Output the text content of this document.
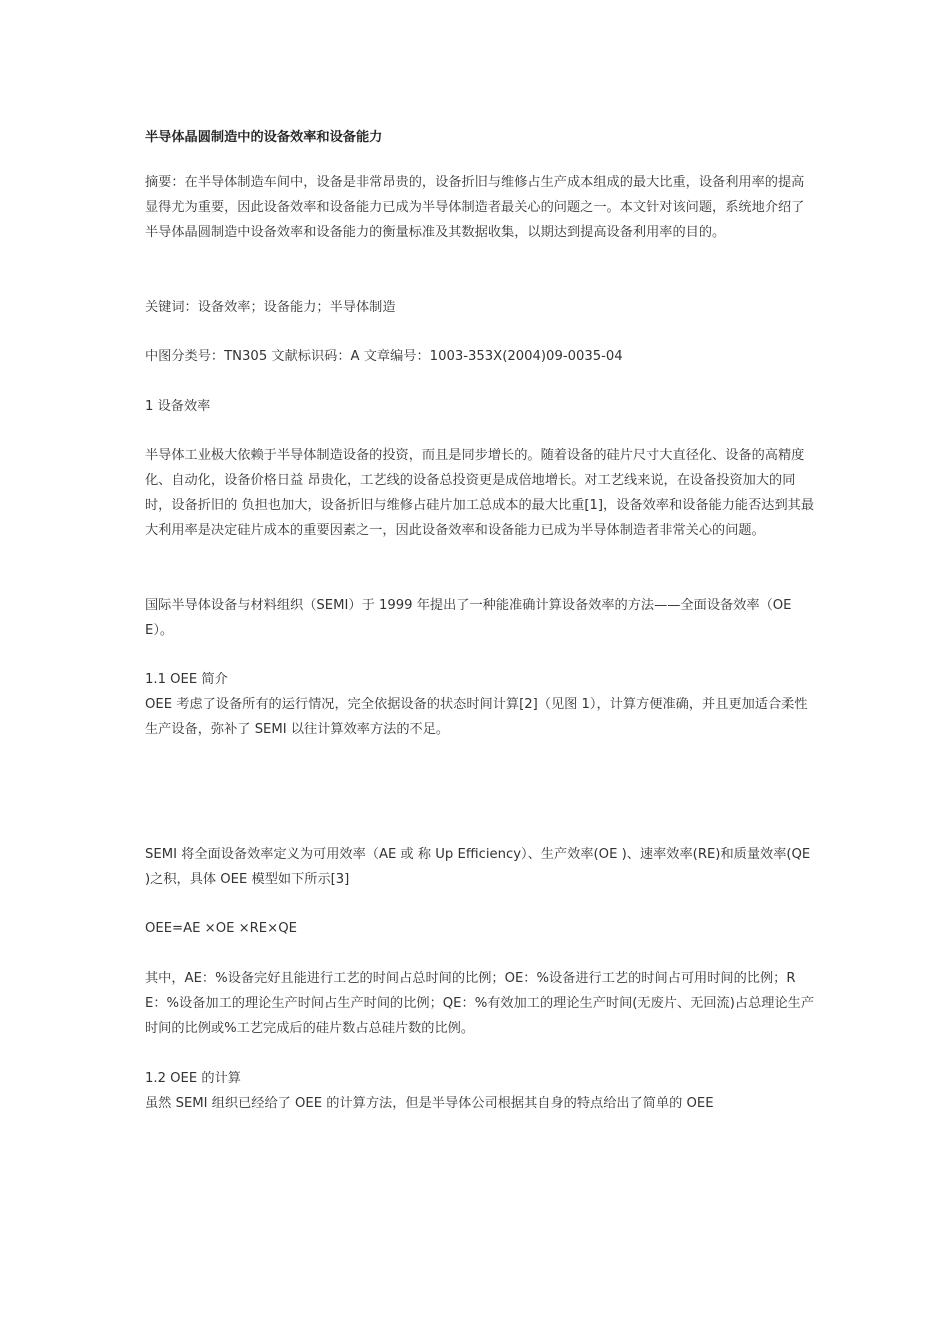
半导体晶圆制造中的设备效率和设备能力

摘要：在半导体制造车间中，设备是非常昂贵的，设备折旧与维修占生产成本组成的最大比重，设备利用率的提高显得尤为重要，因此设备效率和设备能力已成为半导体制造者最关心的问题之一。本文针对该问题，系统地介绍了半导体晶圆制造中设备效率和设备能力的衡量标准及其数据收集，以期达到提高设备利用率的目的。

关键词：设备效率；设备能力；半导体制造

中图分类号：TN305 文献标识码：A 文章编号：1003-353X(2004)09-0035-04

1 设备效率

半导体工业极大依赖于半导体制造设备的投资，而且是同步增长的。随着设备的硅片尺寸大直径化、设备的高精度化、自动化，设备价格日益 昂贵化，工艺线的设备总投资更是成倍地增长。对工艺线来说，在设备投资加大的同时，设备折旧的 负担也加大，设备折旧与维修占硅片加工总成本的最大比重[1]，设备效率和设备能力能否达到其最大利用率是决定硅片成本的重要因素之一，因此设备效率和设备能力已成为半导体制造者非常关心的问题。

国际半导体设备与材料组织（SEMI）于 1999 年提出了一种能准确计算设备效率的方法——全面设备效率（OEE）。

1.1 OEE 简介

OEE 考虑了设备所有的运行情况，完全依据设备的状态时间计算[2]（见图 1），计算方便准确，并且更加适合柔性生产设备，弥补了 SEMI 以往计算效率方法的不足。

SEMI 将全面设备效率定义为可用效率（AE 或 称 Up Efficiency）、生产效率(OE )、速率效率(RE)和质量效率(QE )之积，具体 OEE 模型如下所示[3]

OEE=AE ×OE ×RE×QE

其中，AE：%设备完好且能进行工艺的时间占总时间的比例；OE：%设备进行工艺的时间占可用时间的比例；RE：%设备加工的理论生产时间占生产时间的比例；QE：%有效加工的理论生产时间(无废片、无回流)占总理论生产时间的比例或%工艺完成后的硅片数占总硅片数的比例。

1.2 OEE 的计算

虽然 SEMI 组织已经给了 OEE 的计算方法，但是半导体公司根据其自身的特点给出了简单的 OEE
